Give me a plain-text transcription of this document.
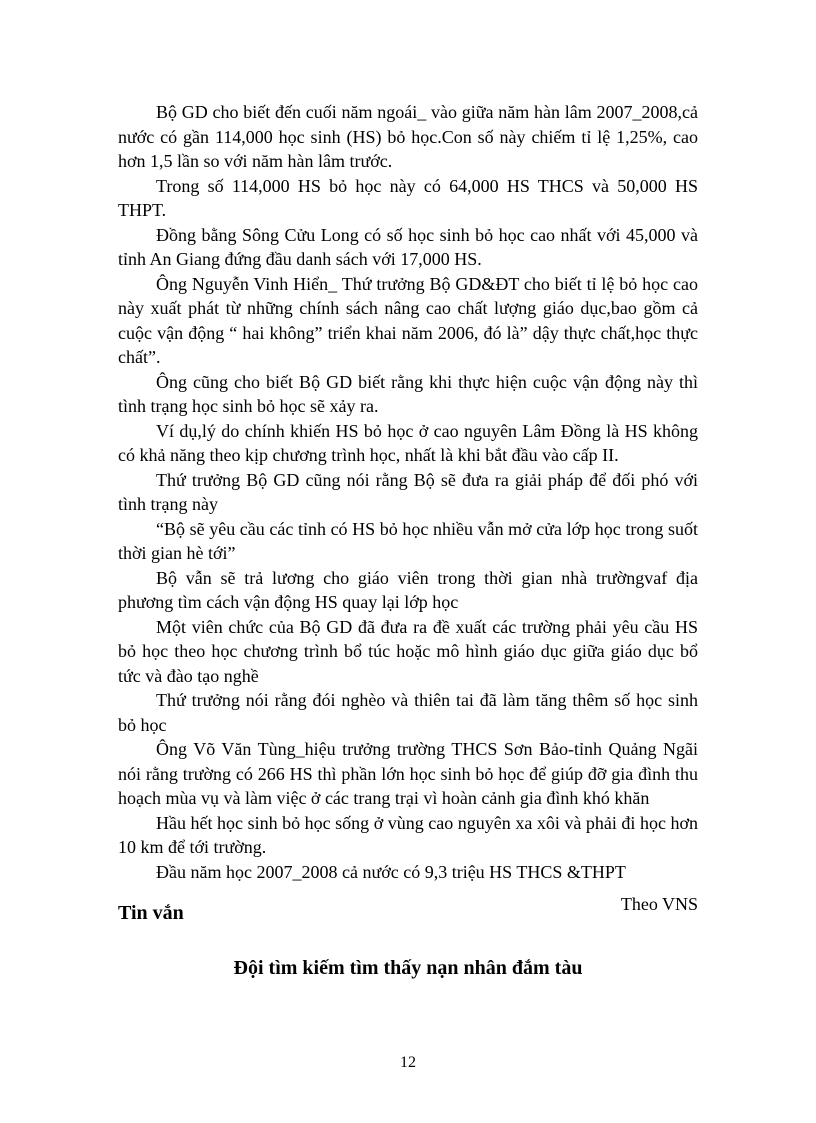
Bộ GD cho biết đến cuối năm ngoái_ vào giữa năm hàn lâm 2007_2008,cả nước có gần 114,000 học sinh (HS) bỏ học.Con số này chiếm tỉ lệ 1,25%, cao hơn 1,5 lần so với năm hàn lâm trước.

Trong số 114,000 HS bỏ học này có 64,000 HS THCS và 50,000 HS THPT.

Đồng bằng Sông Cửu Long có số học sinh bỏ học cao nhất với 45,000 và tỉnh An Giang đứng đầu danh sách với 17,000 HS.

Ông Nguyễn Vinh Hiển_ Thứ trưởng Bộ GD&ĐT cho biết tỉ lệ bỏ học cao này xuất phát từ những chính sách nâng cao chất lượng giáo dục,bao gồm cả cuộc vận động “ hai không” triển khai năm 2006, đó là” dậy thực chất,học thực chất”.

Ông cũng cho biết Bộ GD biết rằng khi thực hiện cuộc vận động này thì tình trạng học sinh bỏ học sẽ xảy ra.

Ví dụ,lý do chính khiến HS bỏ học ở cao nguyên Lâm Đồng là HS không có khả năng theo kịp chương trình học, nhất là khi bắt đầu vào cấp II.

Thứ trưởng Bộ GD cũng nói rằng Bộ sẽ đưa ra giải pháp để đối phó với tình trạng này

“Bộ sẽ yêu cầu các tỉnh có HS bỏ học nhiều vẫn mở cửa lớp học trong suốt thời gian hè tới”

Bộ vẫn sẽ trả lương cho giáo viên trong thời gian nhà trườngvaf địa phương tìm cách vận động HS quay lại lớp học

Một viên chức của Bộ GD đã đưa ra đề xuất các trường phải yêu cầu HS bỏ học theo học chương trình bổ túc hoặc mô hình giáo dục giữa giáo dục bổ tức và đào tạo nghề

Thứ trưởng nói rằng đói nghèo và thiên tai đã làm tăng thêm số học sinh bỏ học

Ông Võ Văn Tùng_hiệu trưởng trường THCS Sơn Bảo-tỉnh Quảng Ngãi nói rằng trường có 266 HS thì phần lớn học sinh bỏ học để giúp đỡ gia đình thu hoạch mùa vụ và làm việc ở các trang trại vì hoàn cảnh gia đình khó khăn

Hầu hết học sinh bỏ học sống ở vùng cao nguyên xa xôi và phải đi học hơn 10 km để tới trường.

Đầu năm học 2007_2008 cả nước có 9,3 triệu HS THCS &THPT

Theo VNS

Tin vắn
Đội tìm kiếm tìm thấy nạn nhân đắm tàu
12
